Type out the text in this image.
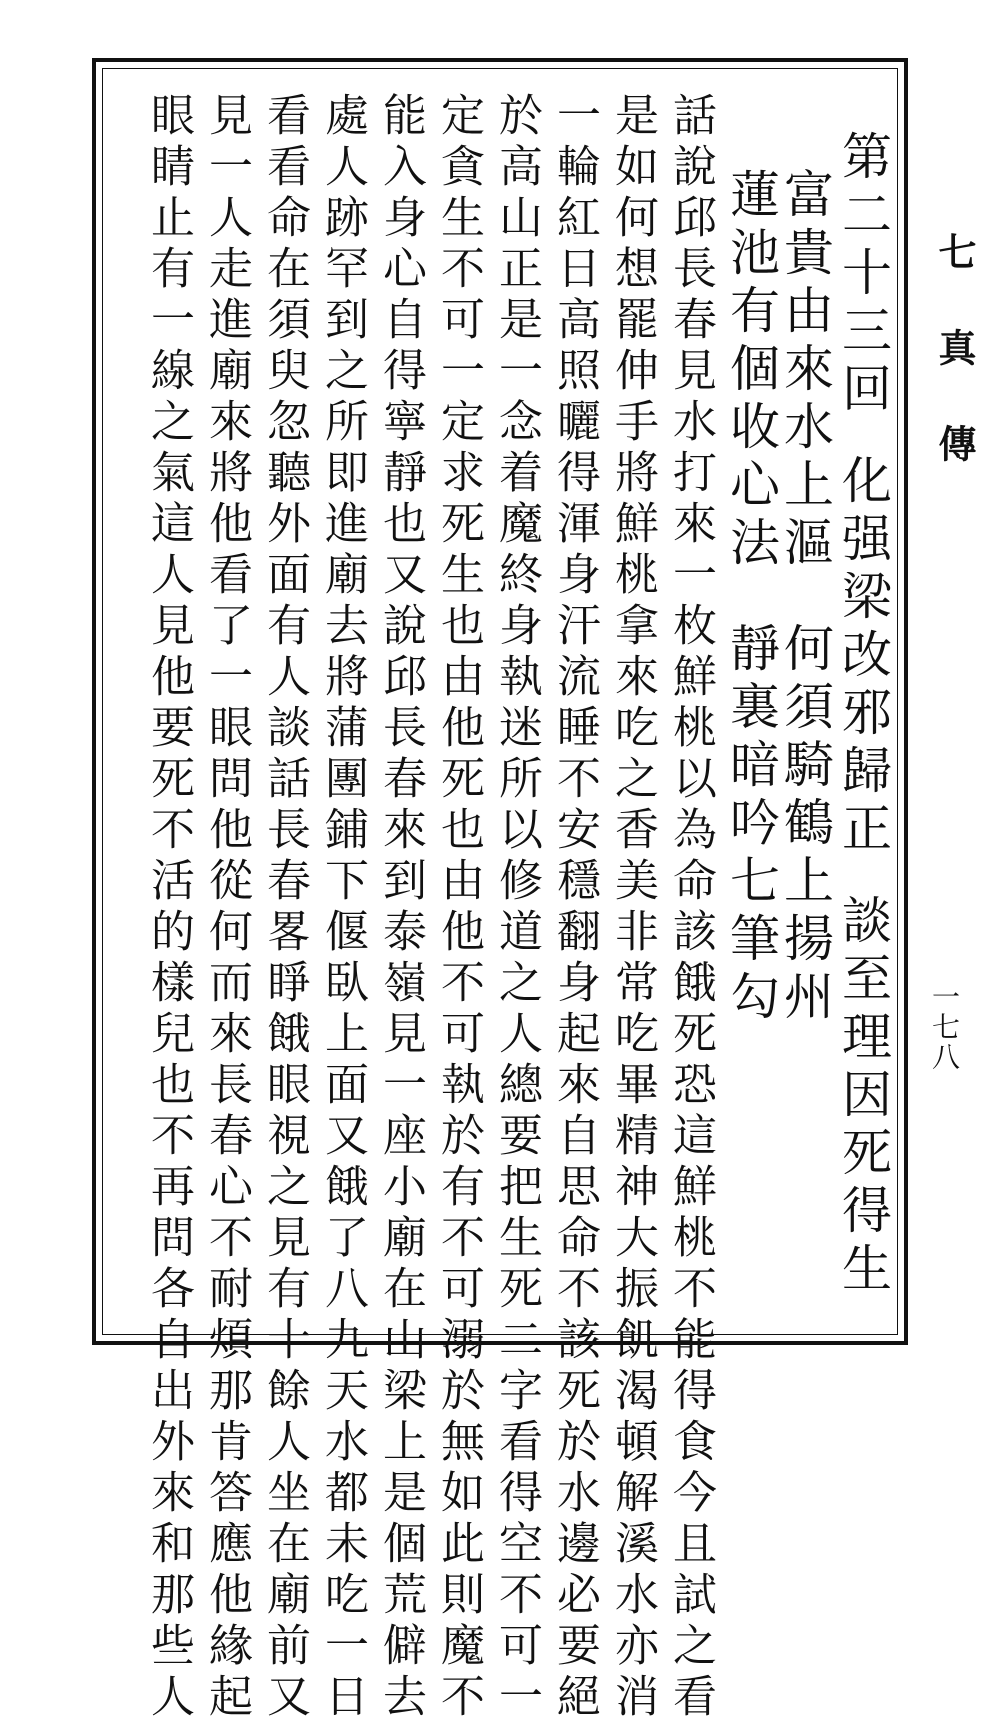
七真傳
一七八
第二十三回化强梁改邪歸正談至理因死得生
富貴由來水上漚何須騎鶴上揚州
蓮池有個收心法靜裏暗吟七筆勾
話說邱長春見水打來一枚鮮桃以為命該餓死恐這鮮桃不能得食今且試之看
是如何想罷伸手將鮮桃拿來吃之香美非常吃畢精神大振飢渴頓解溪水亦消
一輪紅日高照曬得渾身汗流睡不安穩翻身起來自思命不該死於水邊必要絕
於高山正是一念着魔終身執迷所以修道之人總要把生死二字看得空不可一
定貪生不可一定求死生也由他死也由他不可執於有不可溺於無如此則魔不
能入身心自得寧靜也又說邱長春來到泰嶺見一座小廟在山梁上是個荒僻去
處人跡罕到之所即進廟去將蒲團鋪下偃臥上面又餓了八九天水都未吃一日
看看命在須臾忽聽外面有人談話長春畧睜餓眼視之見有十餘人坐在廟前又
見一人走進廟來將他看了一眼問他從何而來長春心不耐煩那肯答應他緣起
眼睛止有一線之氣這人見他要死不活的樣兒也不再問各自出外來和那些人
